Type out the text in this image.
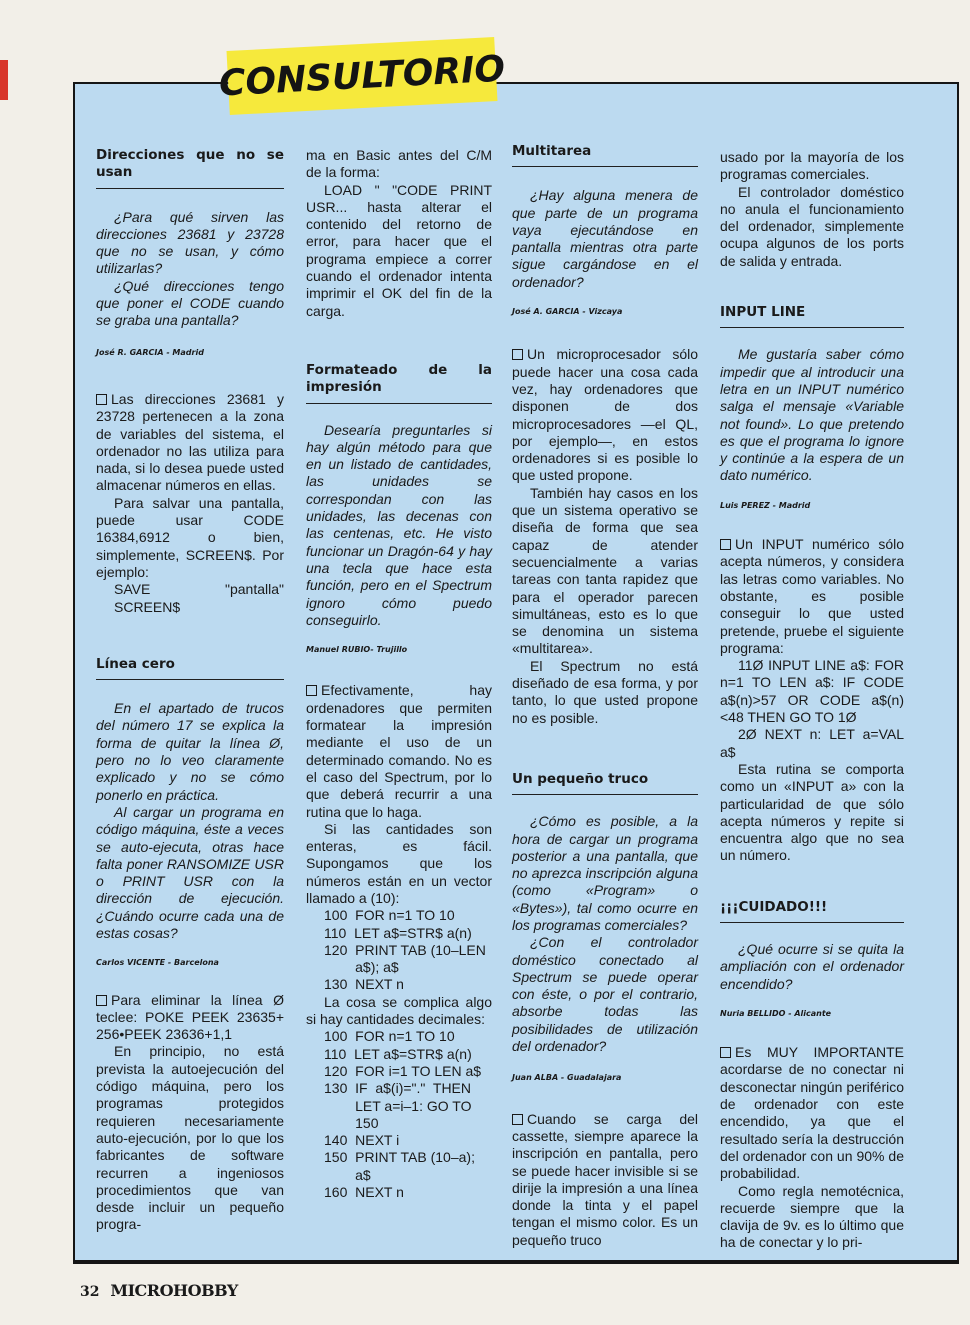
CONSULTORIO

Direcciones que no se usan

¿Para qué sirven las direcciones 23681 y 23728 que no se usan, y cómo utilizarlas?

¿Qué direcciones tengo que poner el CODE cuando se graba una pantalla?

José R. GARCIA - Madrid

Las direcciones 23681 y 23728 pertenecen a la zona de variables del sistema, el ordenador no las utiliza para nada, si lo desea puede usted almacenar números en ellas.

Para salvar una pantalla, puede usar CODE 16384,6912 o bien, simplemente, SCREEN$. Por ejemplo:

SAVE	"pantalla"
SCREEN$

Línea cero

En el apartado de trucos del número 17 se explica la forma de quitar la línea Ø, pero no lo veo claramente explicado y no se cómo ponerlo en práctica.

Al cargar un programa en código máquina, éste a veces se auto-ejecuta, otras hace falta poner RANSOMIZE USR o PRINT USR con la dirección de ejecución. ¿Cuándo ocurre cada una de estas cosas?

Carlos VICENTE - Barcelona

Para eliminar la línea Ø teclee: POKE PEEK 23635+ 256•PEEK 23636+1,1

En principio, no está prevista la autoejecución del código máquina, pero los programas protegidos requieren necesariamente auto-ejecución, por lo que los fabricantes de software recurren a ingeniosos procedimientos que van desde incluir un pequeño progra-

ma en Basic antes del C/M de la forma:

LOAD " "CODE PRINT USR... hasta alterar el contenido del retorno de error, para hacer que el programa empiece a correr cuando el ordenador intenta imprimir el OK del fin de la carga.

Formateado de la impresión

Desearía preguntarles si hay algún método para que en un listado de cantidades, las unidades se correspondan con las unidades, las decenas con las centenas, etc. He visto funcionar un Dragón-64 y hay una tecla que hace esta función, pero en el Spectrum ignoro cómo puedo conseguirlo.

Manuel RUBIO- Trujillo

Efectivamente, hay ordenadores que permiten formatear la impresión mediante el uso de un determinado comando. No es el caso del Spectrum, por lo que deberá recurrir a una rutina que lo haga.

Si las cantidades son enteras, es fácil. Supongamos que los números están en un vector llamado a (10):

100  FOR n=1 TO 10

110  LET a$=STR$ a(n)

120  PRINT TAB (10–LEN

a$); a$

130  NEXT n

La cosa se complica algo si hay cantidades decimales:

100  FOR n=1 TO 10

110  LET a$=STR$ a(n)

120  FOR i=1 TO LEN a$

130  IF  a$(i)="."  THEN

LET a=i–1: GO TO

150

140  NEXT i

150  PRINT TAB (10–a);

a$

160  NEXT n

Multitarea

¿Hay alguna menera de que parte de un programa vaya ejecutándose en pantalla mientras otra parte sigue cargándose en el ordenador?

José A. GARCIA - Vizcaya

Un microprocesador sólo puede hacer una cosa cada vez, hay ordenadores que disponen de dos microprocesadores —el QL, por ejemplo—, en estos ordenadores si es posible lo que usted propone.

También hay casos en los que un sistema operativo se diseña de forma que sea capaz de atender secuencialmente a varias tareas con tanta rapidez que para el operador parecen simultáneas, esto es lo que se denomina un sistema «multitarea».

El Spectrum no está diseñado de esa forma, y por tanto, lo que usted propone no es posible.

Un pequeño truco

¿Cómo es posible, a la hora de cargar un programa posterior a una pantalla, que no aprezca inscripción alguna (como «Program» o «Bytes»), tal como ocurre en los programas comerciales?

¿Con el controlador doméstico conectado al Spectrum se puede operar con éste, o por el contrario, absorbe todas las posibilidades de utilización del ordenador?

Juan ALBA - Guadalajara

Cuando se carga del cassette, siempre aparece la inscripción en pantalla, pero se puede hacer invisible si se dirije la impresión a una línea donde la tinta y el papel tengan el mismo color. Es un pequeño truco

usado por la mayoría de los programas comerciales.

El controlador doméstico no anula el funcionamiento del ordenador, simplemente ocupa algunos de los ports de salida y entrada.

INPUT LINE

Me gustaría saber cómo impedir que al introducir una letra en un INPUT numérico salga el mensaje «Variable not found». Lo que pretendo es que el programa lo ignore y continúe a la espera de un dato numérico.

Luis PEREZ - Madrid

Un INPUT numérico sólo acepta números, y considera las letras como variables. No obstante, es posible conseguir lo que usted pretende, pruebe el siguiente programa:

11Ø INPUT LINE a$: FOR n=1 TO LEN a$: IF CODE a$(n)>57 OR CODE a$(n)<48 THEN GO TO 1Ø

2Ø NEXT n: LET a=VAL a$

Esta rutina se comporta como un «INPUT a» con la particularidad de que sólo acepta números y repite si encuentra algo que no sea un número.

¡¡¡CUIDADO!!!

¿Qué ocurre si se quita la ampliación con el ordenador encendido?

Nuria BELLIDO - Alicante

Es MUY IMPORTANTE acordarse de no conectar ni desconectar ningún periférico de ordenador con este encendido, ya que el resultado sería la destrucción del ordenador con un 90% de probabilidad.

Como regla nemotécnica, recuerde siempre que la clavija de 9v. es lo último que ha de conectar y lo pri-

32 MICROHOBBY
